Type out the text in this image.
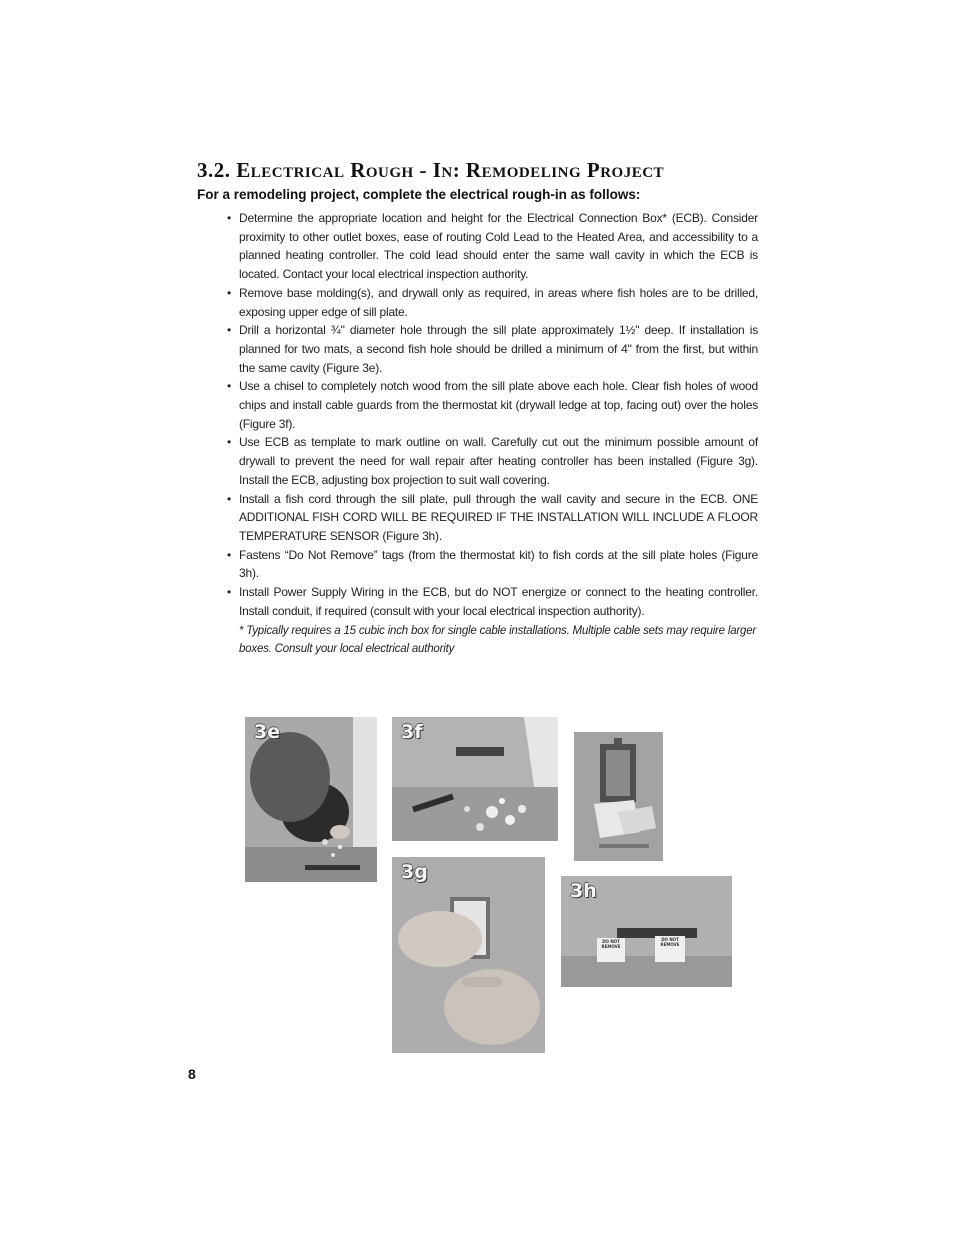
3.2. Electrical Rough - In: Remodeling Project
For a remodeling project, complete the electrical rough-in as follows:
• Determine the appropriate location and height for the Electrical Connection Box* (ECB). Consider proximity to other outlet boxes, ease of routing Cold Lead to the Heated Area, and accessibility to a planned heating controller. The cold lead should enter the same wall cavity in which the ECB is located. Contact your local electrical inspection authority.
• Remove base molding(s), and drywall only as required, in areas where fish holes are to be drilled, exposing upper edge of sill plate.
• Drill a horizontal ¾" diameter hole through the sill plate approximately 1½" deep. If installation is planned for two mats, a second fish hole should be drilled a minimum of 4" from the first, but within the same cavity (Figure 3e).
• Use a chisel to completely notch wood from the sill plate above each hole. Clear fish holes of wood chips and install cable guards from the thermostat kit (drywall ledge at top, facing out) over the holes (Figure 3f).
• Use ECB as template to mark outline on wall. Carefully cut out the minimum possible amount of drywall to prevent the need for wall repair after heating controller has been installed (Figure 3g). Install the ECB, adjusting box projection to suit wall covering.
• Install a fish cord through the sill plate, pull through the wall cavity and secure in the ECB. ONE ADDITIONAL FISH CORD WILL BE REQUIRED IF THE INSTALLATION WILL INCLUDE A FLOOR TEMPERATURE SENSOR (Figure 3h).
• Fastens “Do Not Remove” tags (from the thermostat kit) to fish cords at the sill plate holes (Figure 3h).
• Install Power Supply Wiring in the ECB, but do NOT energize or connect to the heating controller. Install conduit, if required (consult with your local electrical inspection authority).
* Typically requires a 15 cubic inch box for single cable installations. Multiple cable sets may require larger boxes. Consult your local electrical authority
3e	3f
3g
3h
DO NOT REMOVE
DO NOT REMOVE
8
